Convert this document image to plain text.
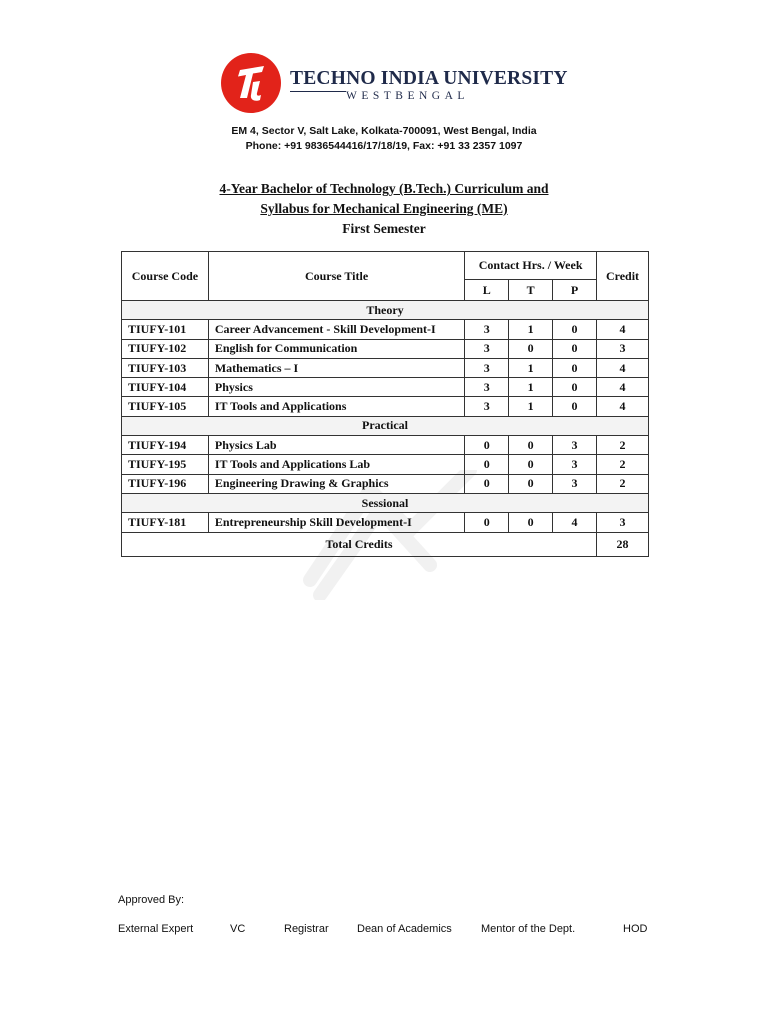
TECHNO INDIA UNIVERSITY
WESTBENGAL
EM 4, Sector V, Salt Lake, Kolkata-700091, West Bengal, India
Phone: +91 9836544416/17/18/19, Fax: +91 33 2357 1097
4-Year Bachelor of Technology (B.Tech.) Curriculum and
Syllabus for Mechanical Engineering (ME)
First Semester
Course Code	Course Title	Contact Hrs. / Week			Credit
		L	T	P	
Theory					
TIUFY-101	Career Advancement - Skill Development-I	3	1	0	4
TIUFY-102	English for Communication	3	0	0	3
TIUFY-103	Mathematics – I	3	1	0	4
TIUFY-104	Physics	3	1	0	4
TIUFY-105	IT Tools and Applications	3	1	0	4
Practical					
TIUFY-194	Physics Lab	0	0	3	2
TIUFY-195	IT Tools and Applications Lab	0	0	3	2
TIUFY-196	Engineering Drawing & Graphics	0	0	3	2
Sessional					
TIUFY-181	Entrepreneurship Skill Development-I	0	0	4	3
Total Credits					28
Approved By:
External Expert	VC	Registrar	Dean of Academics	Mentor of the Dept.	HOD
